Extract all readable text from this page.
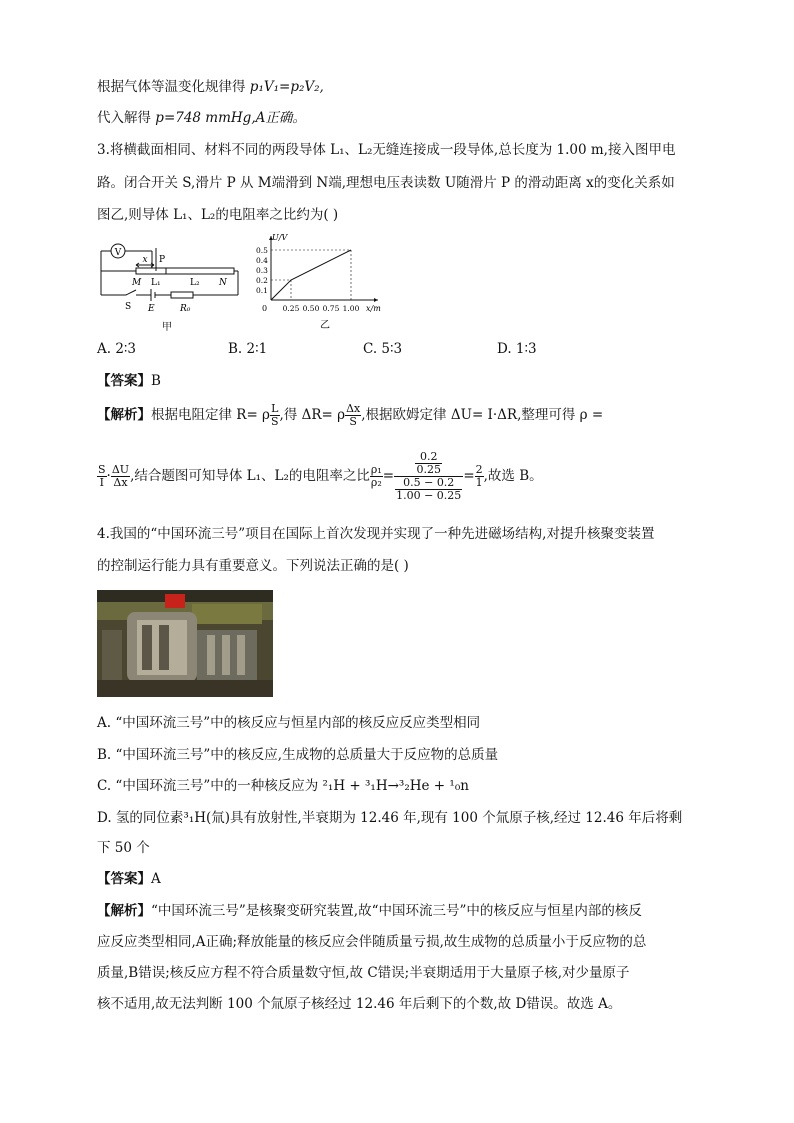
根据气体等温变化规律得 p₁V₁=p₂V₂,
代入解得 p=748 mmHg,A正确。
3.将横截面相同、材料不同的两段导体 L₁、L₂无缝连接成一段导体,总长度为 1.00 m,接入图甲电
路。闭合开关 S,滑片 P 从 M端滑到 N端,理想电压表读数 U随滑片 P 的滑动距离 x的变化关系如
图乙,则导体 L₁、L₂的电阻率之比约为( )
V
x P
M L₁	L₂ N
S E	R₀
甲
0.5
0.4
0.3
0.2
0.1
0.25 0.50 0.75 1.00
U/V
0	x/m
乙
A. 2∶3	B. 2∶1	C. 5∶3	D. 1∶3
【答案】B
【解析】根据电阻定律 R= ρ $\frac{L}{S}$ ,得 ΔR= ρ $\frac{\Delta x}{S}$ ,根据欧姆定律 ΔU= I·ΔR,整理可得 ρ =
$\frac{S}{I} \cdot \frac{\Delta U}{\Delta x}$ ,结合题图可知导体 L₁、L₂的电阻率之比 $\frac{\text{ρ₁}}{\text{ρ₂}} = \frac{\frac{0.2}{0.25}}{\frac{0.5 - 0.2}{1.00 - 0.25}} = \frac{2}{1}$ ,故选 B。
4.我国的“中国环流三号”项目在国际上首次发现并实现了一种先进磁场结构,对提升核聚变装置
的控制运行能力具有重要意义。下列说法正确的是( )
A. “中国环流三号”中的核反应与恒星内部的核反应反应类型相同
B. “中国环流三号”中的核反应,生成物的总质量大于反应物的总质量
C. “中国环流三号”中的一种核反应为 ²₁H + ³₁H→³₂He + ¹₀n
D. 氢的同位素³₁H(氚)具有放射性,半衰期为 12.46 年,现有 100 个氚原子核,经过 12.46 年后将剩
下 50 个
【答案】A
【解析】“中国环流三号”是核聚变研究装置,故“中国环流三号”中的核反应与恒星内部的核反
应反应类型相同,A正确;释放能量的核反应会伴随质量亏损,故生成物的总质量小于反应物的总
质量,B错误;核反应方程不符合质量数守恒,故 C错误;半衰期适用于大量原子核,对少量原子
核不适用,故无法判断 100 个氚原子核经过 12.46 年后剩下的个数,故 D错误。故选 A。
